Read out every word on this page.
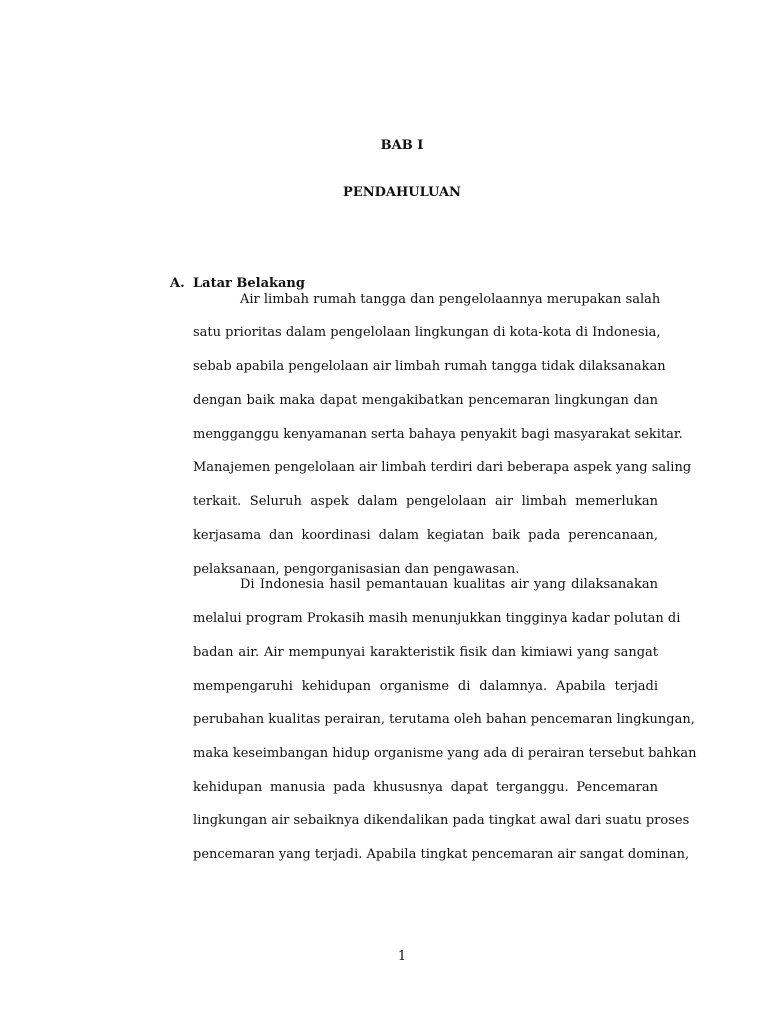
BAB I
PENDAHULUAN
A. Latar Belakang

Air limbah rumah tangga dan pengelolaannya merupakan salah

satu prioritas dalam pengelolaan lingkungan di kota-kota di Indonesia,

sebab apabila pengelolaan air limbah rumah tangga tidak dilaksanakan

dengan baik maka dapat mengakibatkan pencemaran lingkungan dan

mengganggu kenyamanan serta bahaya penyakit bagi masyarakat sekitar.

Manajemen pengelolaan air limbah terdiri dari beberapa aspek yang saling

terkait. Seluruh aspek dalam pengelolaan air limbah memerlukan

kerjasama dan koordinasi dalam kegiatan baik pada perencanaan,

pelaksanaan, pengorganisasian dan pengawasan.

Di Indonesia hasil pemantauan kualitas air yang dilaksanakan

melalui program Prokasih masih menunjukkan tingginya kadar polutan di

badan air. Air mempunyai karakteristik fisik dan kimiawi yang sangat

mempengaruhi kehidupan organisme di dalamnya. Apabila terjadi

perubahan kualitas perairan, terutama oleh bahan pencemaran lingkungan,

maka keseimbangan hidup organisme yang ada di perairan tersebut bahkan

kehidupan manusia pada khususnya dapat terganggu. Pencemaran

lingkungan air sebaiknya dikendalikan pada tingkat awal dari suatu proses

pencemaran yang terjadi. Apabila tingkat pencemaran air sangat dominan,

1
